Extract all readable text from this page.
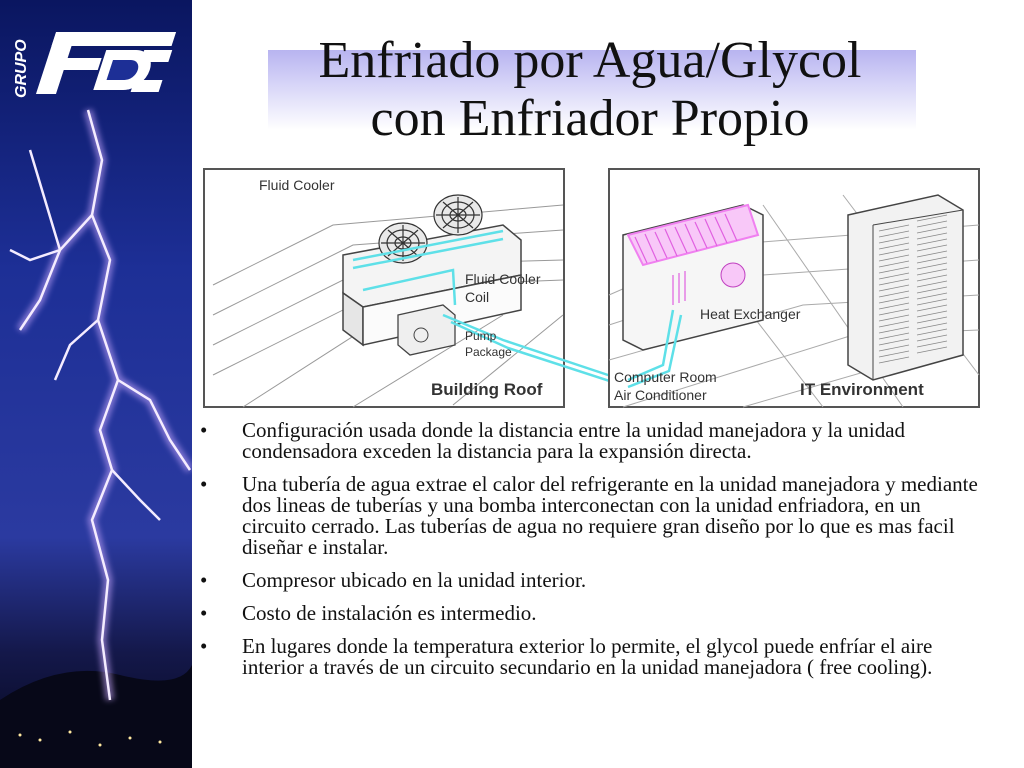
GRUPO	Enfriado por Agua/Glycol
con Enfriador Propio
Fluid Cooler
Fluid Cooler
Coil
Pump
Package
Building Roof
Heat Exchanger
Computer Room
Air Conditioner	IT Environment
• Configuración usada donde la distancia entre la unidad manejadora y la unidad condensadora exceden la distancia para la expansión directa.
• Una tubería de agua extrae el calor del refrigerante en la unidad manejadora y mediante dos lineas de tuberías y una bomba interconectan con la unidad enfriadora, en un circuito cerrado. Las tuberías de agua no requiere gran diseño por lo que es mas facil diseñar e instalar.
• Compresor ubicado en la unidad interior.
• Costo de instalación es intermedio.
• En lugares donde la temperatura exterior lo permite, el glycol puede enfríar el aire interior a través de un circuito secundario en la unidad manejadora ( free cooling).
